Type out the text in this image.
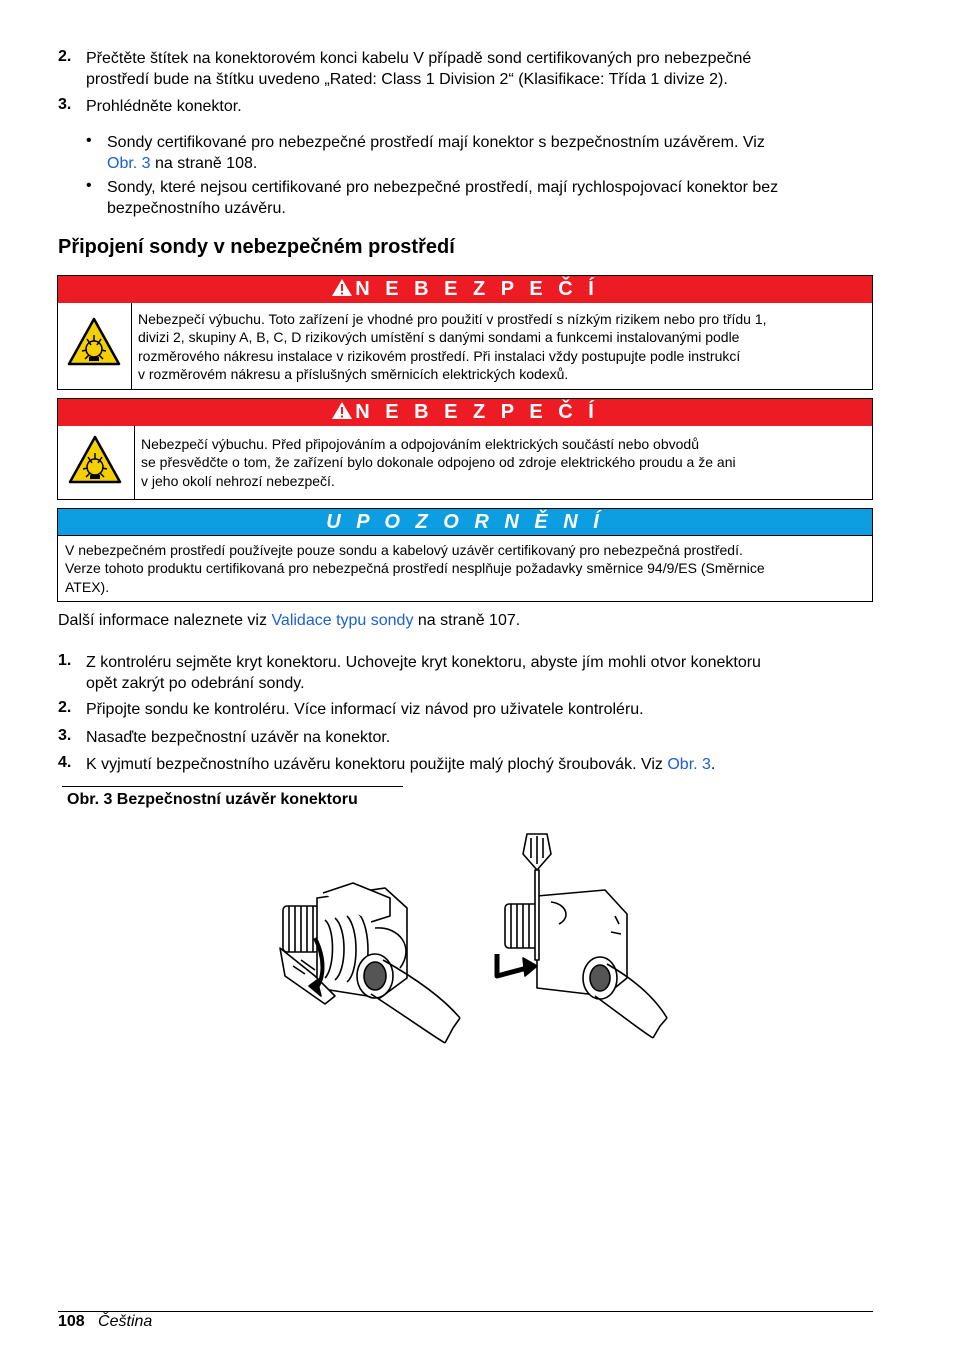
2. Přečtěte štítek na konektorovém konci kabelu V případě sond certifikovaných pro nebezpečné
prostředí bude na štítku uvedeno „Rated: Class 1 Division 2“ (Klasifikace: Třída 1 divize 2).
3. Prohlédněte konektor.
• Sondy certifikované pro nebezpečné prostředí mají konektor s bezpečnostním uzávěrem. Viz
Obr. 3 na straně 108.
• Sondy, které nejsou certifikované pro nebezpečné prostředí, mají rychlospojovací konektor bez
bezpečnostního uzávěru.
Připojení sondy v nebezpečném prostředí
N E B E Z P E Č Í
Nebezpečí výbuchu. Toto zařízení je vhodné pro použití v prostředí s nízkým rizikem nebo pro třídu 1,
divizi 2, skupiny A, B, C, D rizikových umístění s danými sondami a funkcemi instalovanými podle
rozměrového nákresu instalace v rizikovém prostředí. Při instalaci vždy postupujte podle instrukcí
v rozměrovém nákresu a příslušných směrnicích elektrických kodexů.
N E B E Z P E Č Í
Nebezpečí výbuchu. Před připojováním a odpojováním elektrických součástí nebo obvodů
se přesvědčte o tom, že zařízení bylo dokonale odpojeno od zdroje elektrického proudu a že ani
v jeho okolí nehrozí nebezpečí.
U P O Z O R N Ě N Í
V nebezpečném prostředí používejte pouze sondu a kabelový uzávěr certifikovaný pro nebezpečná prostředí.
Verze tohoto produktu certifikovaná pro nebezpečná prostředí nesplňuje požadavky směrnice 94/9/ES (Směrnice
ATEX).
Další informace naleznete viz Validace typu sondy na straně 107.
1. Z kontroléru sejměte kryt konektoru. Uchovejte kryt konektoru, abyste jím mohli otvor konektoru
opět zakrýt po odebrání sondy.
2. Připojte sondu ke kontroléru. Více informací viz návod pro uživatele kontroléru.
3. Nasaďte bezpečnostní uzávěr na konektor.
4. K vyjmutí bezpečnostního uzávěru konektoru použijte malý plochý šroubovák. Viz Obr. 3.
Obr. 3 Bezpečnostní uzávěr konektoru
108 Čeština
